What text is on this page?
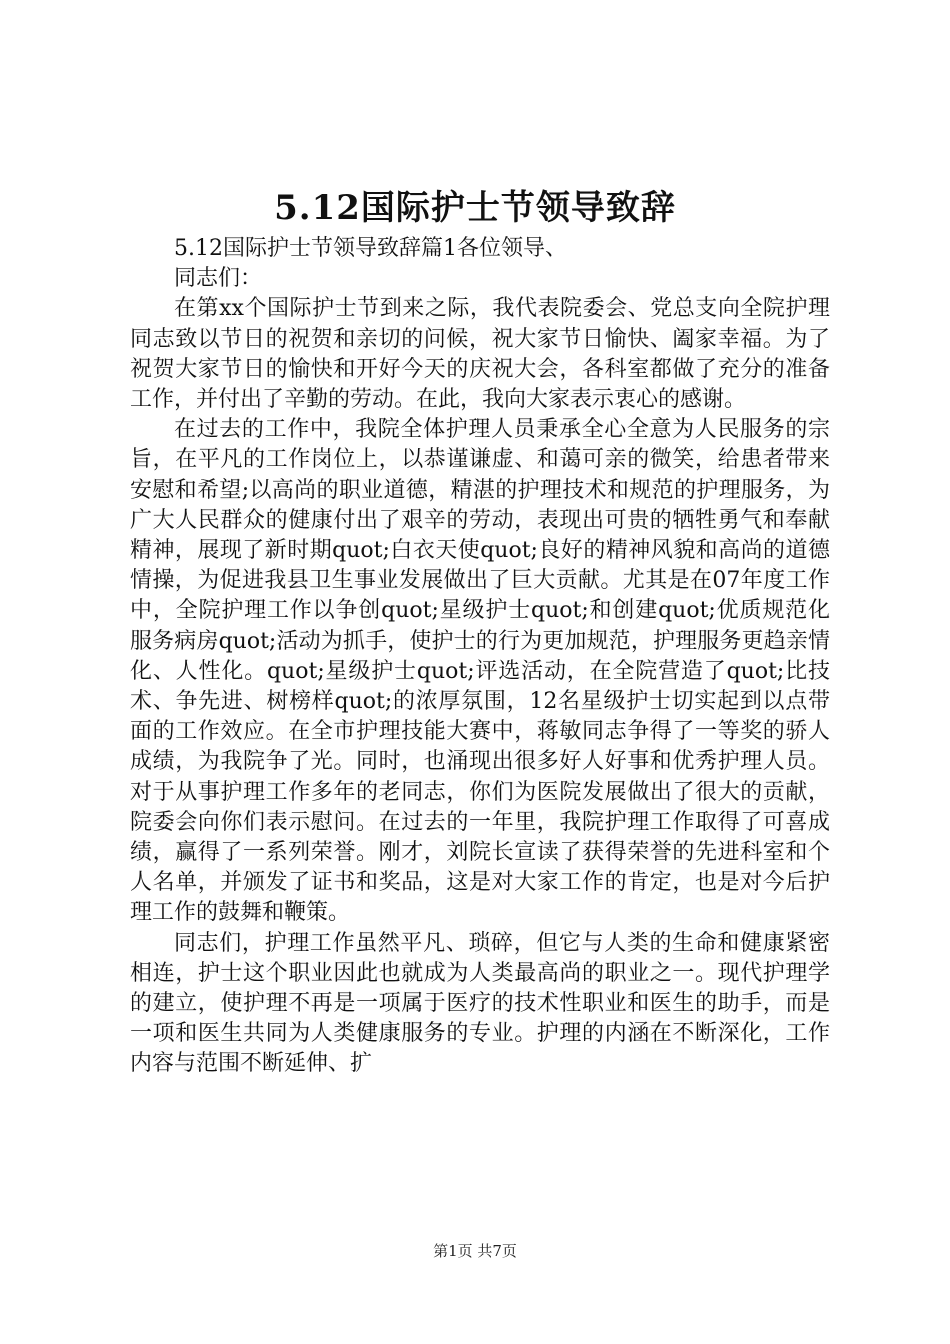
5.12国际护士节领导致辞

5.12国际护士节领导致辞篇1各位领导、

同志们：

在第xx个国际护士节到来之际，我代表院委会、党总支向全院护理同志致以节日的祝贺和亲切的问候，祝大家节日愉快、阖家幸福。为了祝贺大家节日的愉快和开好今天的庆祝大会，各科室都做了充分的准备工作，并付出了辛勤的劳动。在此，我向大家表示衷心的感谢。

在过去的工作中，我院全体护理人员秉承全心全意为人民服务的宗旨，在平凡的工作岗位上，以恭谨谦虚、和蔼可亲的微笑，给患者带来安慰和希望;以高尚的职业道德，精湛的护理技术和规范的护理服务，为广大人民群众的健康付出了艰辛的劳动，表现出可贵的牺牲勇气和奉献精神，展现了新时期quot;白衣天使quot;良好的精神风貌和高尚的道德情操，为促进我县卫生事业发展做出了巨大贡献。尤其是在07年度工作中，全院护理工作以争创quot;星级护士quot;和创建quot;优质规范化服务病房quot;活动为抓手，使护士的行为更加规范，护理服务更趋亲情化、人性化。quot;星级护士quot;评选活动，在全院营造了quot;比技术、争先进、树榜样quot;的浓厚氛围，12名星级护士切实起到以点带面的工作效应。在全市护理技能大赛中，蒋敏同志争得了一等奖的骄人成绩，为我院争了光。同时，也涌现出很多好人好事和优秀护理人员。对于从事护理工作多年的老同志，你们为医院发展做出了很大的贡献，院委会向你们表示慰问。在过去的一年里，我院护理工作取得了可喜成绩，赢得了一系列荣誉。刚才，刘院长宣读了获得荣誉的先进科室和个人名单，并颁发了证书和奖品，这是对大家工作的肯定，也是对今后护理工作的鼓舞和鞭策。

同志们，护理工作虽然平凡、琐碎，但它与人类的生命和健康紧密相连，护士这个职业因此也就成为人类最高尚的职业之一。现代护理学的建立，使护理不再是一项属于医疗的技术性职业和医生的助手，而是一项和医生共同为人类健康服务的专业。护理的内涵在不断深化，工作内容与范围不断延伸、扩

第1页 共7页
